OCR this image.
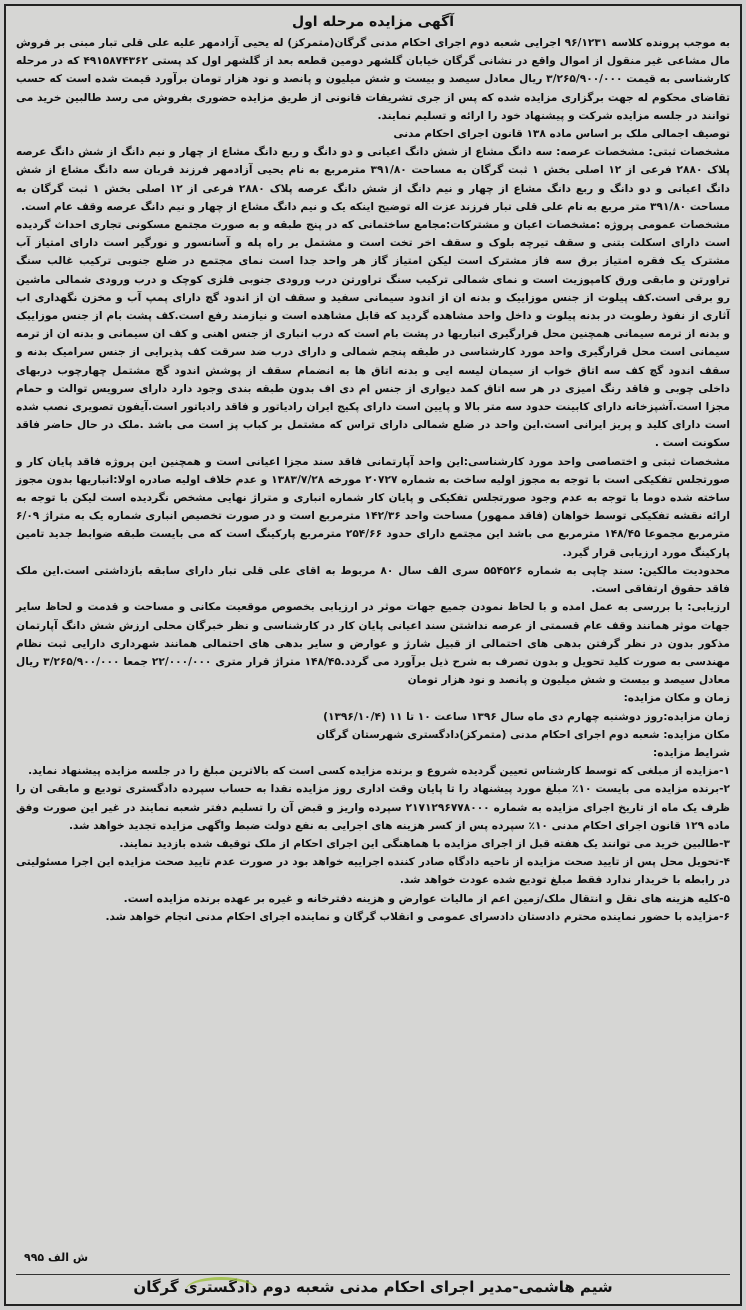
آگهی مزایده مرحله اول

به موجب پرونده کلاسه ۹۶/۱۲۳۱ اجرایی شعبه دوم اجرای احکام مدنی گرگان(متمرکز) له یحیی آزادمهر علیه علی قلی تبار مبنی بر فروش مال مشاعی غیر منقول از اموال واقع در نشانی گرگان خیابان گلشهر دومین قطعه بعد از گلشهر اول کد پستی ۴۹۱۵۸۷۴۳۶۲ که در مرحله کارشناسی به قیمت ۳/۲۶۵/۹۰۰/۰۰۰ ریال معادل سیصد و بیست و شش میلیون و پانصد و نود هزار تومان برآورد قیمت شده است که حسب تقاضای محکوم له جهت برگزاری مزایده شده که پس از جری تشریفات قانونی از طریق مزایده حضوری بفروش می رسد طالبین خرید می توانند در جلسه مزایده شرکت و پیشنهاد خود را ارائه و تسلیم نمایند.

توصیف اجمالی ملک بر اساس ماده ۱۳۸ قانون اجرای احکام مدنی

مشخصات ثبتی: مشخصات عرصه: سه دانگ مشاع از شش دانگ اعیانی و دو دانگ و ربع دانگ مشاع از چهار و نیم دانگ از شش دانگ عرصه پلاک ۲۸۸۰ فرعی از ۱۲ اصلی بخش ۱ ثبت گرگان به مساحت ۳۹۱/۸۰ مترمربع به نام یحیی آزادمهر فرزند قربان سه دانگ مشاع از شش دانگ اعیانی و دو دانگ و ربع دانگ مشاع از چهار و نیم دانگ از شش دانگ عرصه پلاک ۲۸۸۰ فرعی از ۱۲ اصلی بخش ۱ ثبت گرگان به مساحت ۳۹۱/۸۰ متر مربع به نام علی قلی تبار فرزند عزت اله توضیح اینکه یک و نیم دانگ مشاع از چهار و نیم دانگ عرصه وقف عام است.

مشخصات عمومی پروژه :مشخصات اعیان و مشترکات:مجامع ساختمانی که در پنج طبقه و به صورت مجتمع مسکونی تجاری احداث گردیده است دارای اسکلت بتنی و سقف تیرچه بلوک و سقف اخر تخت است و مشتمل بر راه پله و آسانسور و نورگیر است دارای امتیاز آب مشترک یک فقره امتیاز برق سه فاز مشترک است لیکن امتیاز گاز هر واحد جدا است نمای مجتمع در ضلع جنوبی ترکیب غالب سنگ تراورتن و مابقی ورق کامپوزیت است و نمای شمالی ترکیب سنگ تراورتن درب ورودی جنوبی فلزی کوچک و درب ورودی شمالی ماشین رو برقی است.کف پیلوت از جنس موزاییک و بدنه ان از اندود سیمانی سفید و سقف ان از اندود گچ دارای پمپ آب و مخزن نگهداری اب آثاری از نفوذ رطوبت در بدنه پیلوت و داخل واحد مشاهده گردید که قابل مشاهده است و نیازمند رفع است.کف پشت بام از جنس موزاییک و بدنه از ترمه سیمانی همچنین محل قرارگیری انباریها در پشت بام است که درب انباری از جنس اهنی و کف ان سیمانی و بدنه ان از ترمه سیمانی است محل قرارگیری واحد مورد کارشناسی در طبقه پنجم شمالی و دارای درب ضد سرقت کف پذیرایی از جنس سرامیک بدنه و سقف اندود گچ کف سه اتاق خواب از سیمان لیسه ایی و بدنه اتاق ها به انضمام سقف از پوشش اندود گچ مشتمل چهارچوب دربهای داخلی چوبی و فاقد رنگ امیزی در هر سه اتاق کمد دیواری از جنس ام دی اف بدون طبقه بندی وجود دارد دارای سرویس توالت و حمام مجزا است.آشپزخانه دارای کابینت حدود سه متر بالا و پایین است دارای پکیج ایران رادیاتور و فاقد رادیاتور است.آیفون تصویری نصب شده است دارای کلید و پریز ایرانی است.این واحد در ضلع شمالی دارای تراس که مشتمل بر کباب پز است می باشد .ملک در حال حاضر فاقد سکونت است .

مشخصات ثبتی و اختصاصی واحد مورد کارشناسی:این واحد آپارتمانی فاقد سند مجزا اعیانی است و همچنین این پروژه فاقد پایان کار و صورتجلس تفکیکی است با توجه به مجوز اولیه ساخت به شماره ۲۰۷۲۷ مورخه ۱۳۸۳/۷/۲۸ و عدم خلاف اولیه صادره اولا:انباریها بدون مجوز ساخته شده دوما با توجه به عدم وجود صورتجلس تفکیکی و پایان کار شماره انباری و متراژ نهایی مشخص نگردیده است لیکن با توجه به ارائه نقشه تفکیکی توسط خواهان (فاقد ممهور) مساحت واحد ۱۴۲/۳۶ مترمربع است و در صورت تخصیص انباری شماره یک به متراژ ۶/۰۹ مترمربع مجموعا ۱۴۸/۴۵ مترمربع می باشد این مجتمع دارای حدود ۲۵۴/۶۶ مترمربع پارکینگ است که می بایست طبقه ضوابط جدید تامین پارکینگ مورد ارزیابی قرار گیرد.

محدودیت مالکین: سند چاپی به شماره ۵۵۴۵۲۶ سری الف سال ۸۰ مربوط به اقای علی قلی تبار دارای سابقه بازداشتی است.این ملک فاقد حقوق ارتفاقی است.

ارزیابی: با بررسی به عمل امده و با لحاظ نمودن جمیع جهات موثر در ارزیابی بخصوص موقعیت مکانی و مساحت و قدمت و لحاظ سایر جهات موثر همانند وقف عام قسمتی از عرصه نداشتن سند اعیانی پایان کار در کارشناسی و نظر خبرگان محلی ارزش شش دانگ آپارتمان مذکور بدون در نظر گرفتن بدهی های احتمالی از قبیل شارژ و عوارض و سایر بدهی های احتمالی همانند شهرداری دارایی ثبت نظام مهندسی به صورت کلید تحویل و بدون تصرف به شرح ذیل برآورد می گردد.۱۴۸/۴۵ متراژ قرار متری ۲۲/۰۰۰/۰۰۰ جمعا ۳/۲۶۵/۹۰۰/۰۰۰ ریال معادل سیصد و بیست و شش میلیون و پانصد و نود هزار تومان

زمان و مکان مزایده:

زمان مزایده:روز دوشنبه چهارم دی ماه سال ۱۳۹۶ ساعت ۱۰ تا ۱۱ (۱۳۹۶/۱۰/۴)

مکان مزایده: شعبه دوم اجرای احکام مدنی (متمرکز)دادگستری شهرستان گرگان

شرایط مزایده:

۱-مزایده از مبلغی که توسط کارشناس تعیین گردیده شروع و برنده مزایده کسی است که بالاترین مبلغ را در جلسه مزایده پیشنهاد نماید.

۲-برنده مزایده می بایست ۱۰٪ مبلغ مورد پیشنهاد را تا پایان وقت اداری روز مزایده نقدا به حساب سپرده دادگستری تودیع و مابقی ان را ظرف یک ماه از تاریخ اجرای مزایده به شماره ۲۱۷۱۲۹۶۷۷۸۰۰۰ سپرده واریز و قبض آن را تسلیم دفتر شعبه نمایند در غیر این صورت وفق ماده ۱۲۹ قانون اجرای احکام مدنی ۱۰٪ سپرده پس از کسر هزینه های اجرایی به نفع دولت ضبط واگهی مزایده تجدید خواهد شد.

۳-طالبین خرید می توانند یک هفته قبل از اجرای مزایده با هماهنگی این اجرای احکام از ملک توقیف شده بازدید نمایند.

۴-تحویل محل پس از تایید صحت مزایده از ناحیه دادگاه صادر کننده اجراییه خواهد بود در صورت عدم تایید صحت مزایده این اجرا مسئولیتی در رابطه با خریدار ندارد فقط مبلغ تودیع شده عودت خواهد شد.

۵-کلیه هزینه های نقل و انتقال ملک/زمین اعم از مالیات عوارض و هزینه دفترخانه و غیره بر عهده برنده مزایده است.

۶-مزایده با حضور نماینده محترم دادستان دادسرای عمومی و انقلاب گرگان و نماینده اجرای احکام مدنی انجام خواهد شد.

ش الف ۹۹۵
شیم هاشمی-مدیر اجرای احکام مدنی شعبه دوم دادگستری گرگان
